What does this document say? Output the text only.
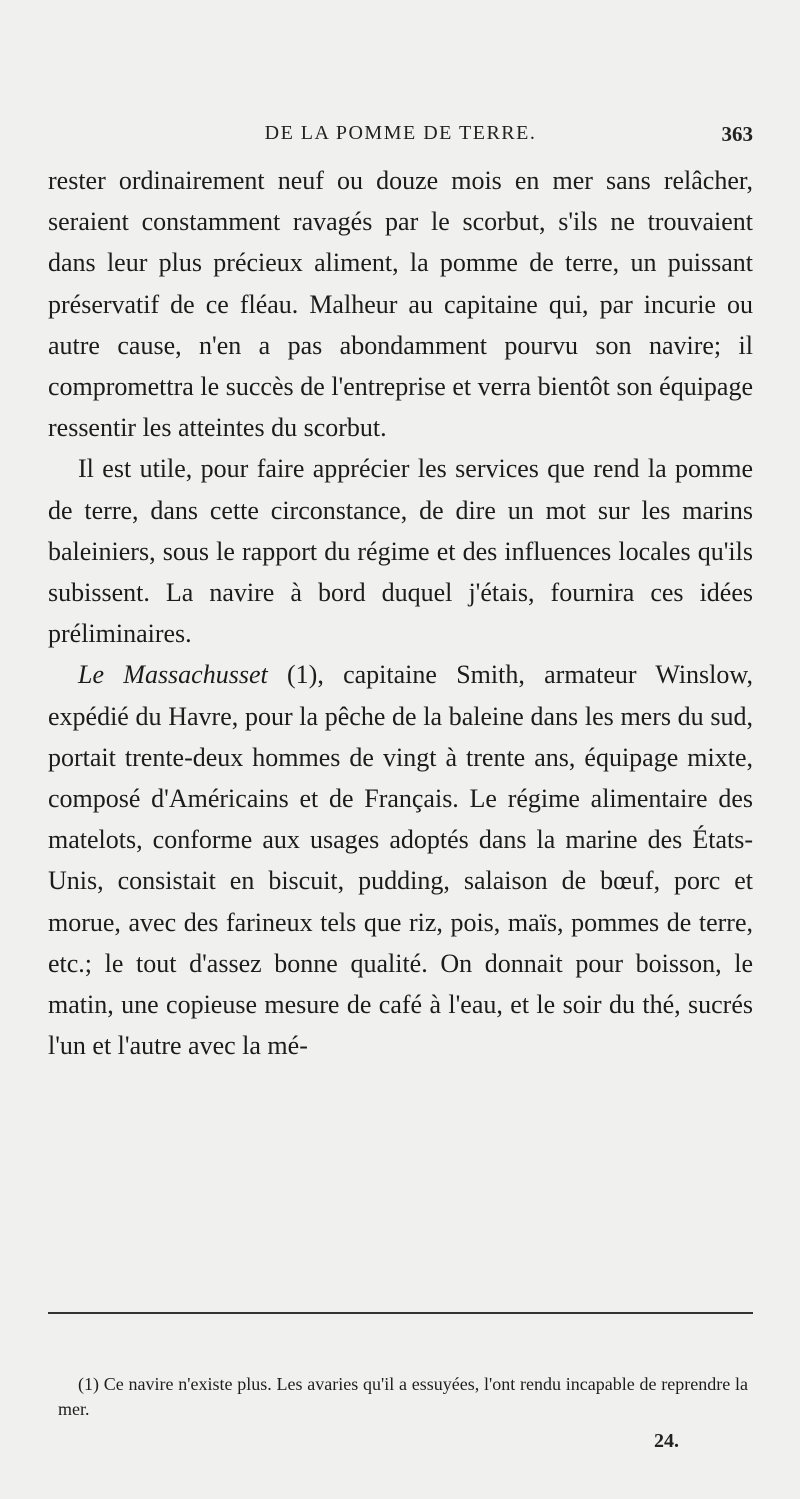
DE LA POMME DE TERRE.	363

rester ordinairement neuf ou douze mois en mer sans relâcher, seraient constamment ravagés par le scorbut, s'ils ne trouvaient dans leur plus précieux aliment, la pomme de terre, un puissant préservatif de ce fléau. Malheur au capitaine qui, par incurie ou autre cause, n'en a pas abondamment pourvu son navire; il compromettra le succès de l'entreprise et verra bientôt son équipage ressentir les atteintes du scorbut.

Il est utile, pour faire apprécier les services que rend la pomme de terre, dans cette circonstance, de dire un mot sur les marins baleiniers, sous le rapport du régime et des influences locales qu'ils subissent. La navire à bord duquel j'étais, fournira ces idées préliminaires.

Le Massachusset (1), capitaine Smith, armateur Winslow, expédié du Havre, pour la pêche de la baleine dans les mers du sud, portait trente-deux hommes de vingt à trente ans, équipage mixte, composé d'Américains et de Français. Le régime alimentaire des matelots, conforme aux usages adoptés dans la marine des États-Unis, consistait en biscuit, pudding, salaison de bœuf, porc et morue, avec des farineux tels que riz, pois, maïs, pommes de terre, etc.; le tout d'assez bonne qualité. On donnait pour boisson, le matin, une copieuse mesure de café à l'eau, et le soir du thé, sucrés l'un et l'autre avec la mé-

(1) Ce navire n'existe plus. Les avaries qu'il a essuyées, l'ont rendu incapable de reprendre la mer.
24.
